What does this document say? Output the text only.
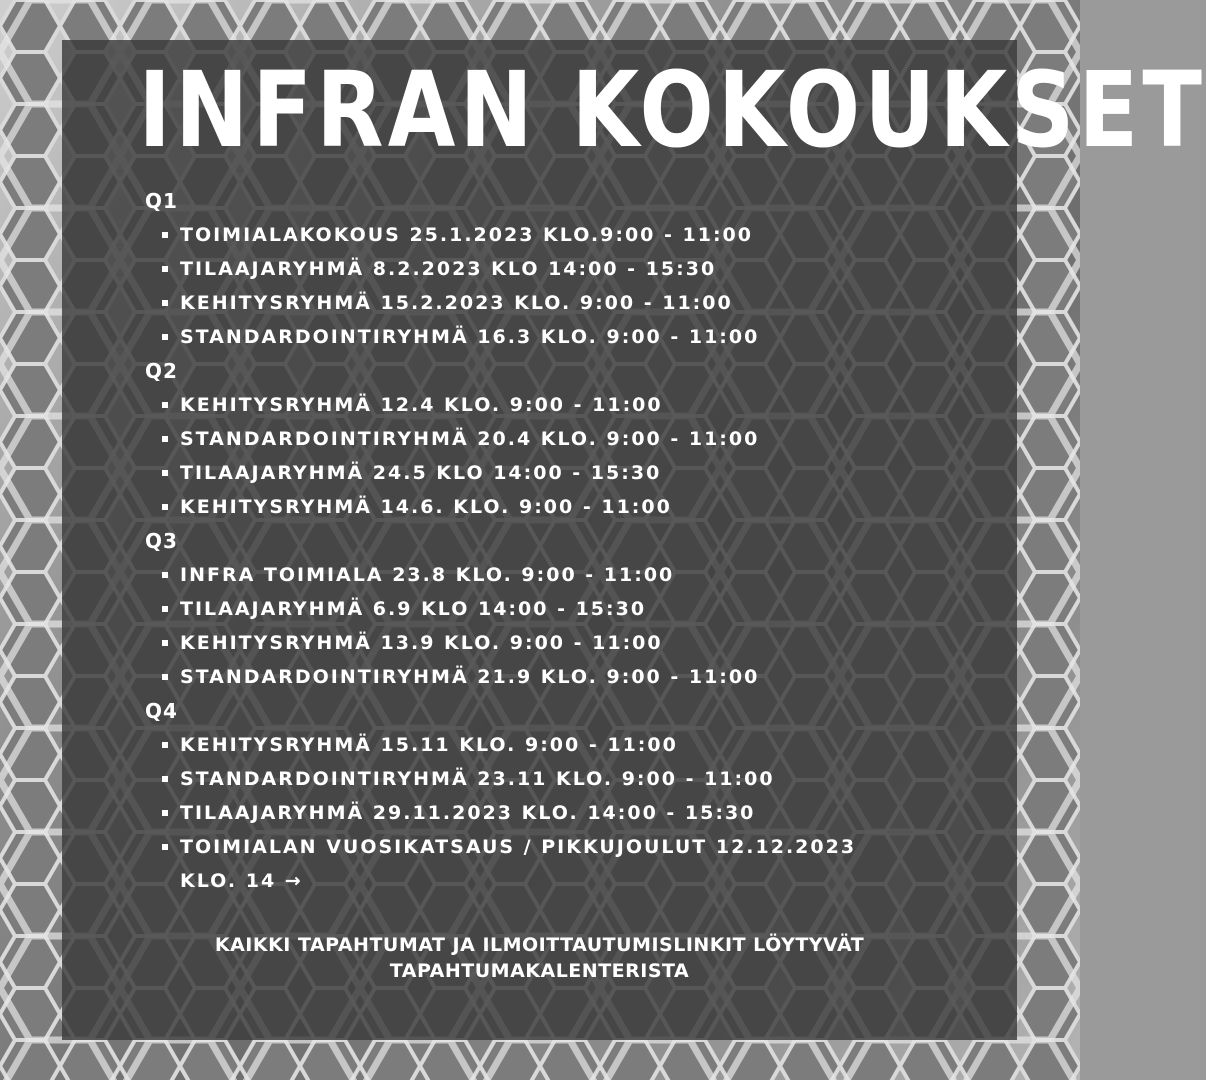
INFRAN KOKOUKSET
Q1
TOIMIALAKOKOUS 25.1.2023 KLO.9:00 - 11:00
TILAAJARYHMÄ 8.2.2023 KLO 14:00 - 15:30
KEHITYSRYHMÄ 15.2.2023 KLO. 9:00 - 11:00
STANDARDOINTIRYHMÄ 16.3 KLO. 9:00 - 11:00
Q2
KEHITYSRYHMÄ 12.4 KLO. 9:00 - 11:00
STANDARDOINTIRYHMÄ 20.4 KLO. 9:00 - 11:00
TILAAJARYHMÄ 24.5 KLO 14:00 - 15:30
KEHITYSRYHMÄ 14.6. KLO. 9:00 - 11:00
Q3
INFRA TOIMIALA 23.8 KLO. 9:00 - 11:00
TILAAJARYHMÄ 6.9 KLO 14:00 - 15:30
KEHITYSRYHMÄ 13.9 KLO. 9:00 - 11:00
STANDARDOINTIRYHMÄ 21.9 KLO. 9:00 - 11:00
Q4
KEHITYSRYHMÄ 15.11 KLO. 9:00 - 11:00
STANDARDOINTIRYHMÄ 23.11 KLO. 9:00 - 11:00
TILAAJARYHMÄ 29.11.2023 KLO. 14:00 - 15:30
TOIMIALAN VUOSIKATSAUS / PIKKUJOULUT 12.12.2023
KLO. 14 →
KAIKKI TAPAHTUMAT JA ILMOITTAUTUMISLINKIT LÖYTYVÄT
TAPAHTUMAKALENTERISTA
